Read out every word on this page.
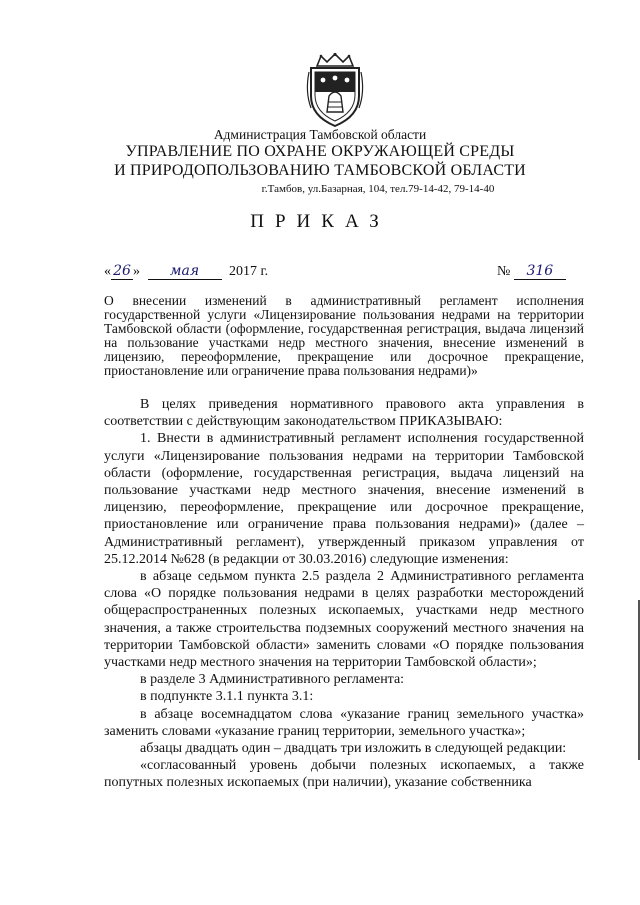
Администрация Тамбовской области
УПРАВЛЕНИЕ ПО ОХРАНЕ ОКРУЖАЮЩЕЙ СРЕДЫ
И ПРИРОДОПОЛЬЗОВАНИЮ ТАМБОВСКОЙ ОБЛАСТИ
г.Тамбов, ул.Базарная, 104, тел.79-14-42, 79-14-40
ПРИКАЗ
« 26 » мая 2017 г.	№ 316
О внесении изменений в административный регламент исполнения государственной услуги «Лицензирование пользования недрами на территории Тамбовской области (оформление, государственная регистрация, выдача лицензий на пользование участками недр местного значения, внесение изменений в лицензию, переоформление, прекращение или досрочное прекращение, приостановление или ограничение права пользования недрами)»

В целях приведения нормативного правового акта управления в соответствии с действующим законодательством ПРИКАЗЫВАЮ:

1. Внести в административный регламент исполнения государственной услуги «Лицензирование пользования недрами на территории Тамбовской области (оформление, государственная регистрация, выдача лицензий на пользование участками недр местного значения, внесение изменений в лицензию, переоформление, прекращение или досрочное прекращение, приостановление или ограничение права пользования недрами)» (далее – Административный регламент), утвержденный приказом управления от 25.12.2014 №628 (в редакции от 30.03.2016) следующие изменения:

в абзаце седьмом пункта 2.5 раздела 2 Административного регламента слова «О порядке пользования недрами в целях разработки месторождений общераспространенных полезных ископаемых, участками недр местного значения, а также строительства подземных сооружений местного значения на территории Тамбовской области» заменить словами «О порядке пользования участками недр местного значения на территории Тамбовской области»;

в разделе 3 Административного регламента:

в подпункте 3.1.1 пункта 3.1:

в абзаце восемнадцатом слова «указание границ земельного участка» заменить словами «указание границ территории, земельного участка»;

абзацы двадцать один – двадцать три изложить в следующей редакции:

«согласованный уровень добычи полезных ископаемых, а также попутных полезных ископаемых (при наличии), указание собственника
